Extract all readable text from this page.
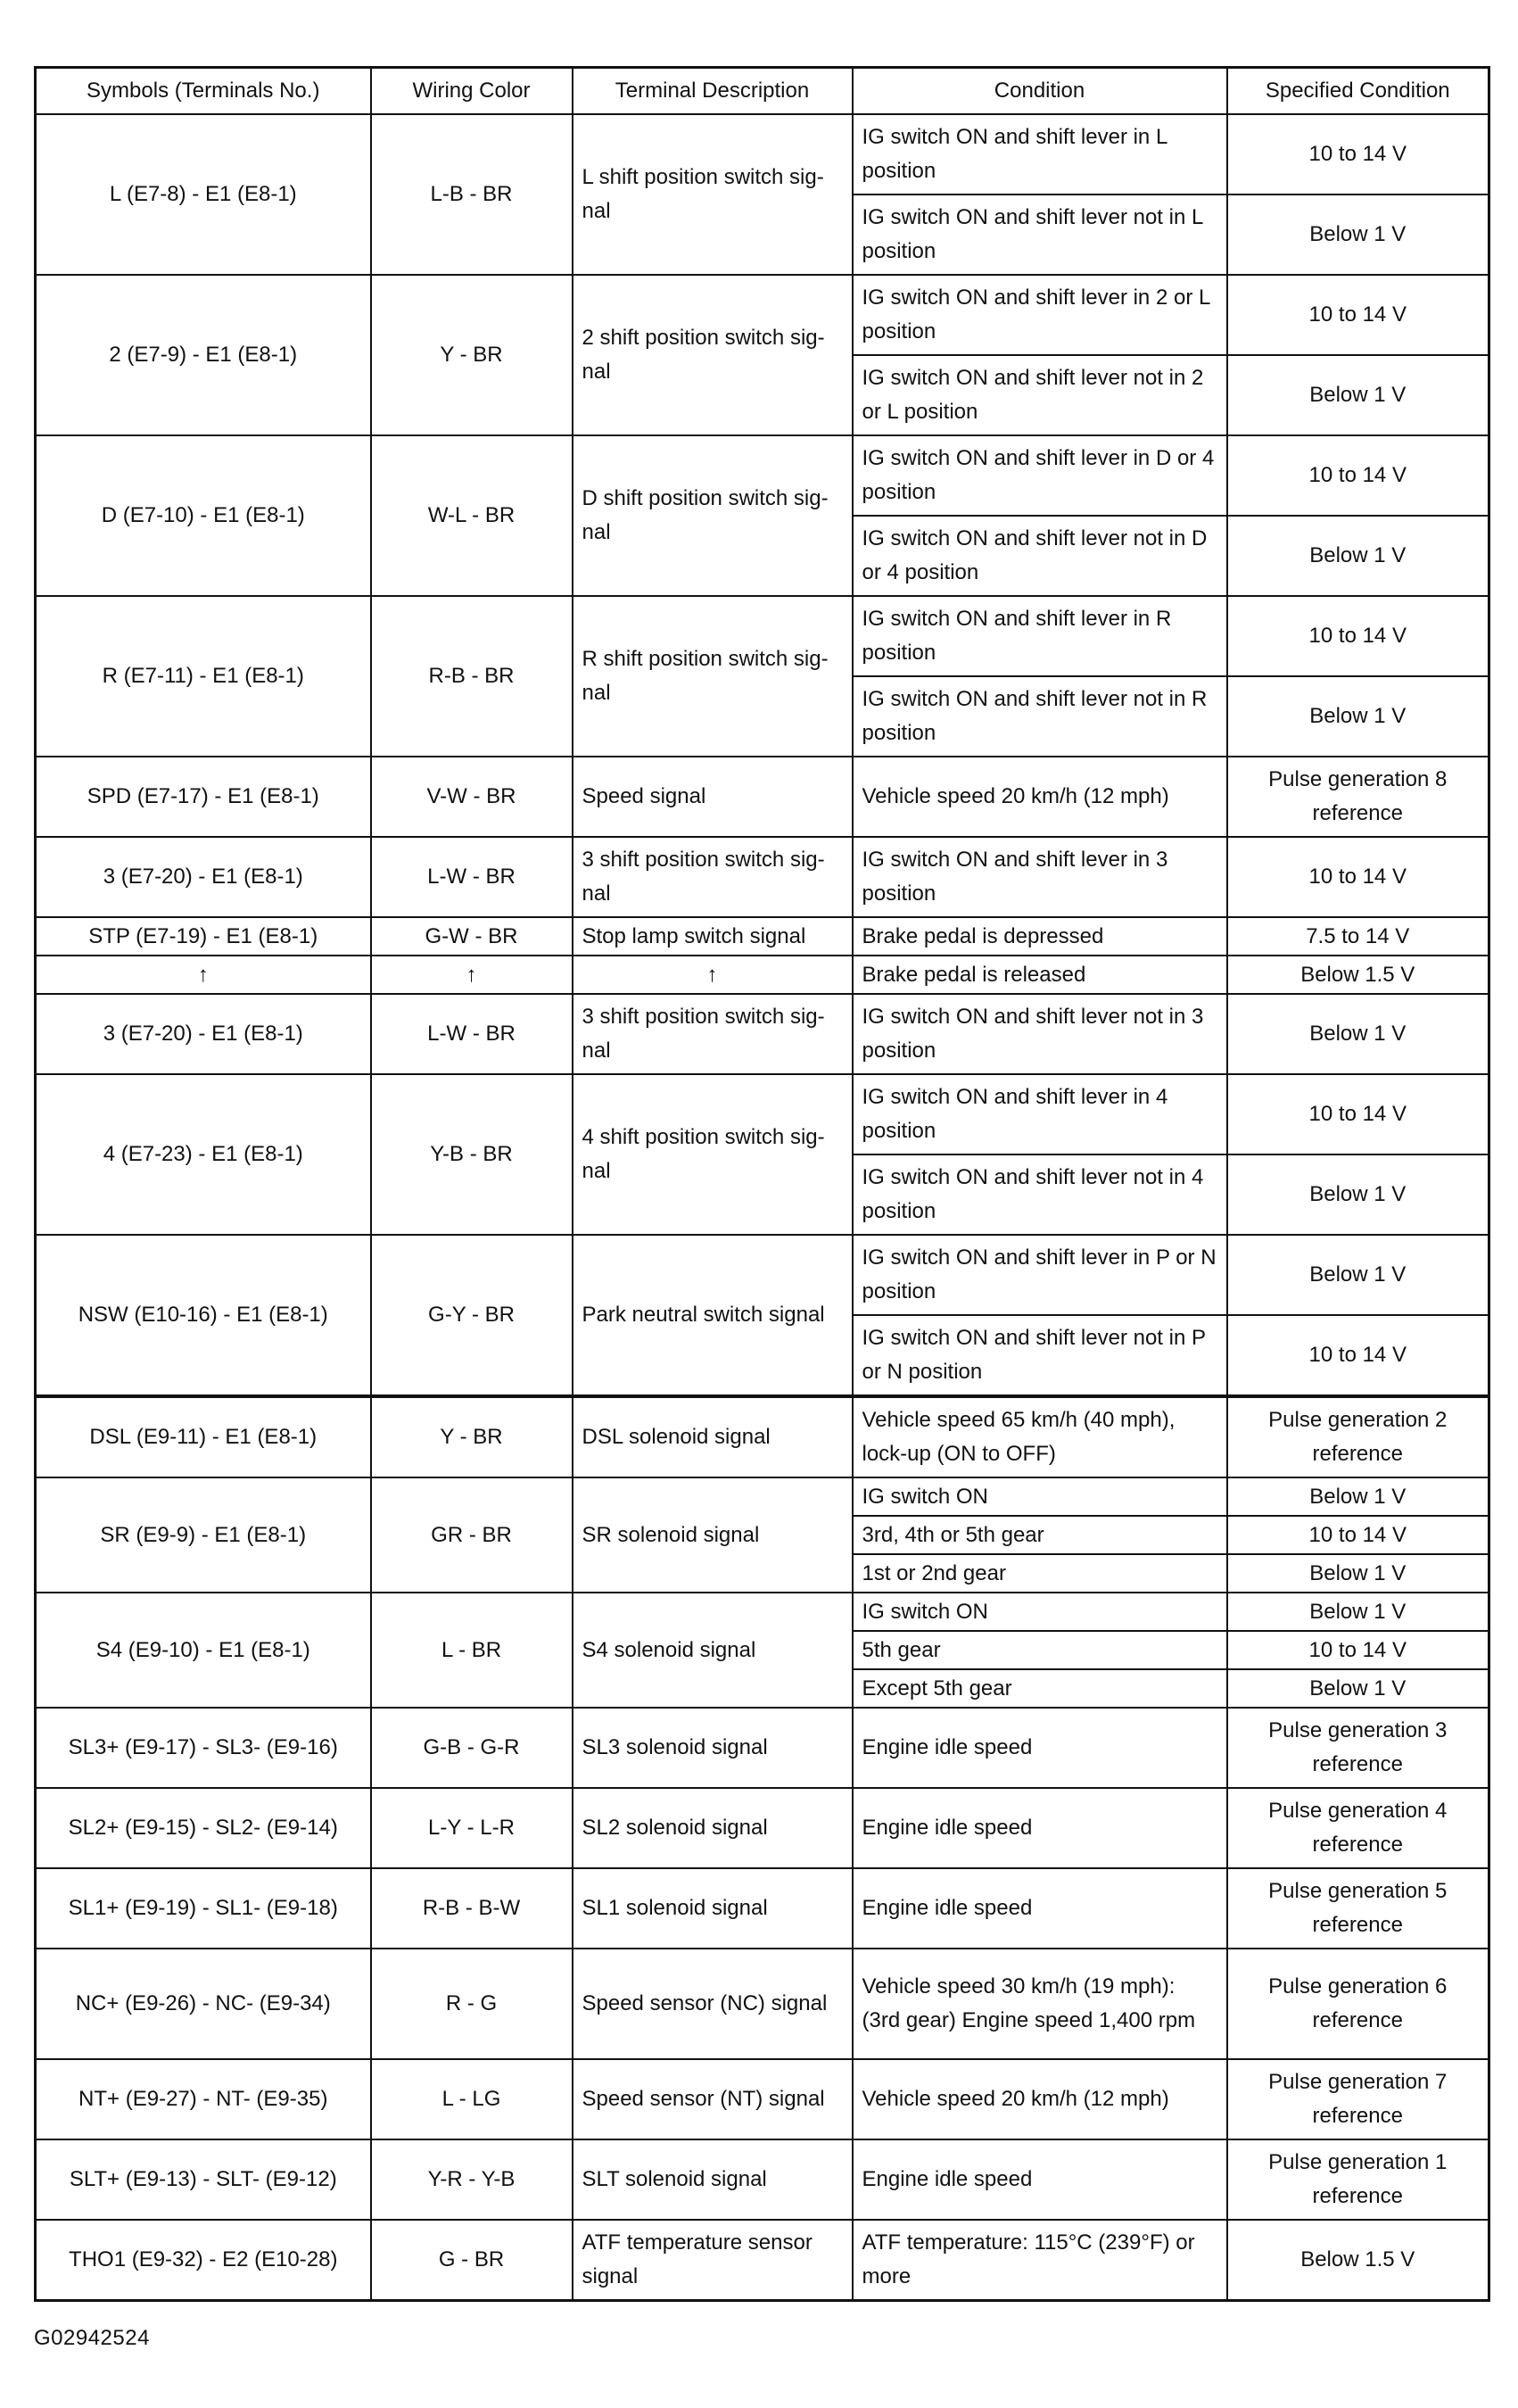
Symbols (Terminals No.)	Wiring Color	Terminal Description	Condition	Specified Condition
L (E7-8) - E1 (E8-1)	L-B - BR	L shift position switch sig-nal	IG switch ON and shift lever in L position	10 to 14 V
			IG switch ON and shift lever not in L position	Below 1 V
2 (E7-9) - E1 (E8-1)	Y - BR	2 shift position switch sig-nal	IG switch ON and shift lever in 2 or L position	10 to 14 V
			IG switch ON and shift lever not in 2 or L position	Below 1 V
D (E7-10) - E1 (E8-1)	W-L - BR	D shift position switch sig-nal	IG switch ON and shift lever in D or 4 position	10 to 14 V
			IG switch ON and shift lever not in D or 4 position	Below 1 V
R (E7-11) - E1 (E8-1)	R-B - BR	R shift position switch sig-nal	IG switch ON and shift lever in R position	10 to 14 V
			IG switch ON and shift lever not in R position	Below 1 V
SPD (E7-17) - E1 (E8-1)	V-W - BR	Speed signal	Vehicle speed 20 km/h (12 mph)	Pulse generation 8 reference
3 (E7-20) - E1 (E8-1)	L-W - BR	3 shift position switch sig-nal	IG switch ON and shift lever in 3 position	10 to 14 V
STP (E7-19) - E1 (E8-1)	G-W - BR	Stop lamp switch signal	Brake pedal is depressed	7.5 to 14 V
↑	↑	↑	Brake pedal is released	Below 1.5 V
3 (E7-20) - E1 (E8-1)	L-W - BR	3 shift position switch sig-nal	IG switch ON and shift lever not in 3 position	Below 1 V
4 (E7-23) - E1 (E8-1)	Y-B - BR	4 shift position switch sig-nal	IG switch ON and shift lever in 4 position	10 to 14 V
			IG switch ON and shift lever not in 4 position	Below 1 V
NSW (E10-16) - E1 (E8-1)	G-Y - BR	Park neutral switch signal	IG switch ON and shift lever in P or N position	Below 1 V
			IG switch ON and shift lever not in P or N position	10 to 14 V
DSL (E9-11) - E1 (E8-1)	Y - BR	DSL solenoid signal	Vehicle speed 65 km/h (40 mph), lock-up (ON to OFF)	Pulse generation 2 reference
SR (E9-9) - E1 (E8-1)	GR - BR	SR solenoid signal	IG switch ON	Below 1 V
			3rd, 4th or 5th gear	10 to 14 V
			1st or 2nd gear	Below 1 V
S4 (E9-10) - E1 (E8-1)	L - BR	S4 solenoid signal	IG switch ON	Below 1 V
			5th gear	10 to 14 V
			Except 5th gear	Below 1 V
SL3+ (E9-17) - SL3- (E9-16)	G-B - G-R	SL3 solenoid signal	Engine idle speed	Pulse generation 3 reference
SL2+ (E9-15) - SL2- (E9-14)	L-Y - L-R	SL2 solenoid signal	Engine idle speed	Pulse generation 4 reference
SL1+ (E9-19) - SL1- (E9-18)	R-B - B-W	SL1 solenoid signal	Engine idle speed	Pulse generation 5 reference
NC+ (E9-26) - NC- (E9-34)	R - G	Speed sensor (NC) signal	Vehicle speed 30 km/h (19 mph): (3rd gear) Engine speed 1,400 rpm	Pulse generation 6 reference
NT+ (E9-27) - NT- (E9-35)	L - LG	Speed sensor (NT) signal	Vehicle speed 20 km/h (12 mph)	Pulse generation 7 reference
SLT+ (E9-13) - SLT- (E9-12)	Y-R - Y-B	SLT solenoid signal	Engine idle speed	Pulse generation 1 reference
THO1 (E9-32) - E2 (E10-28)	G - BR	ATF temperature sensor signal	ATF temperature: 115°C (239°F) or more	Below 1.5 V
G02942524
